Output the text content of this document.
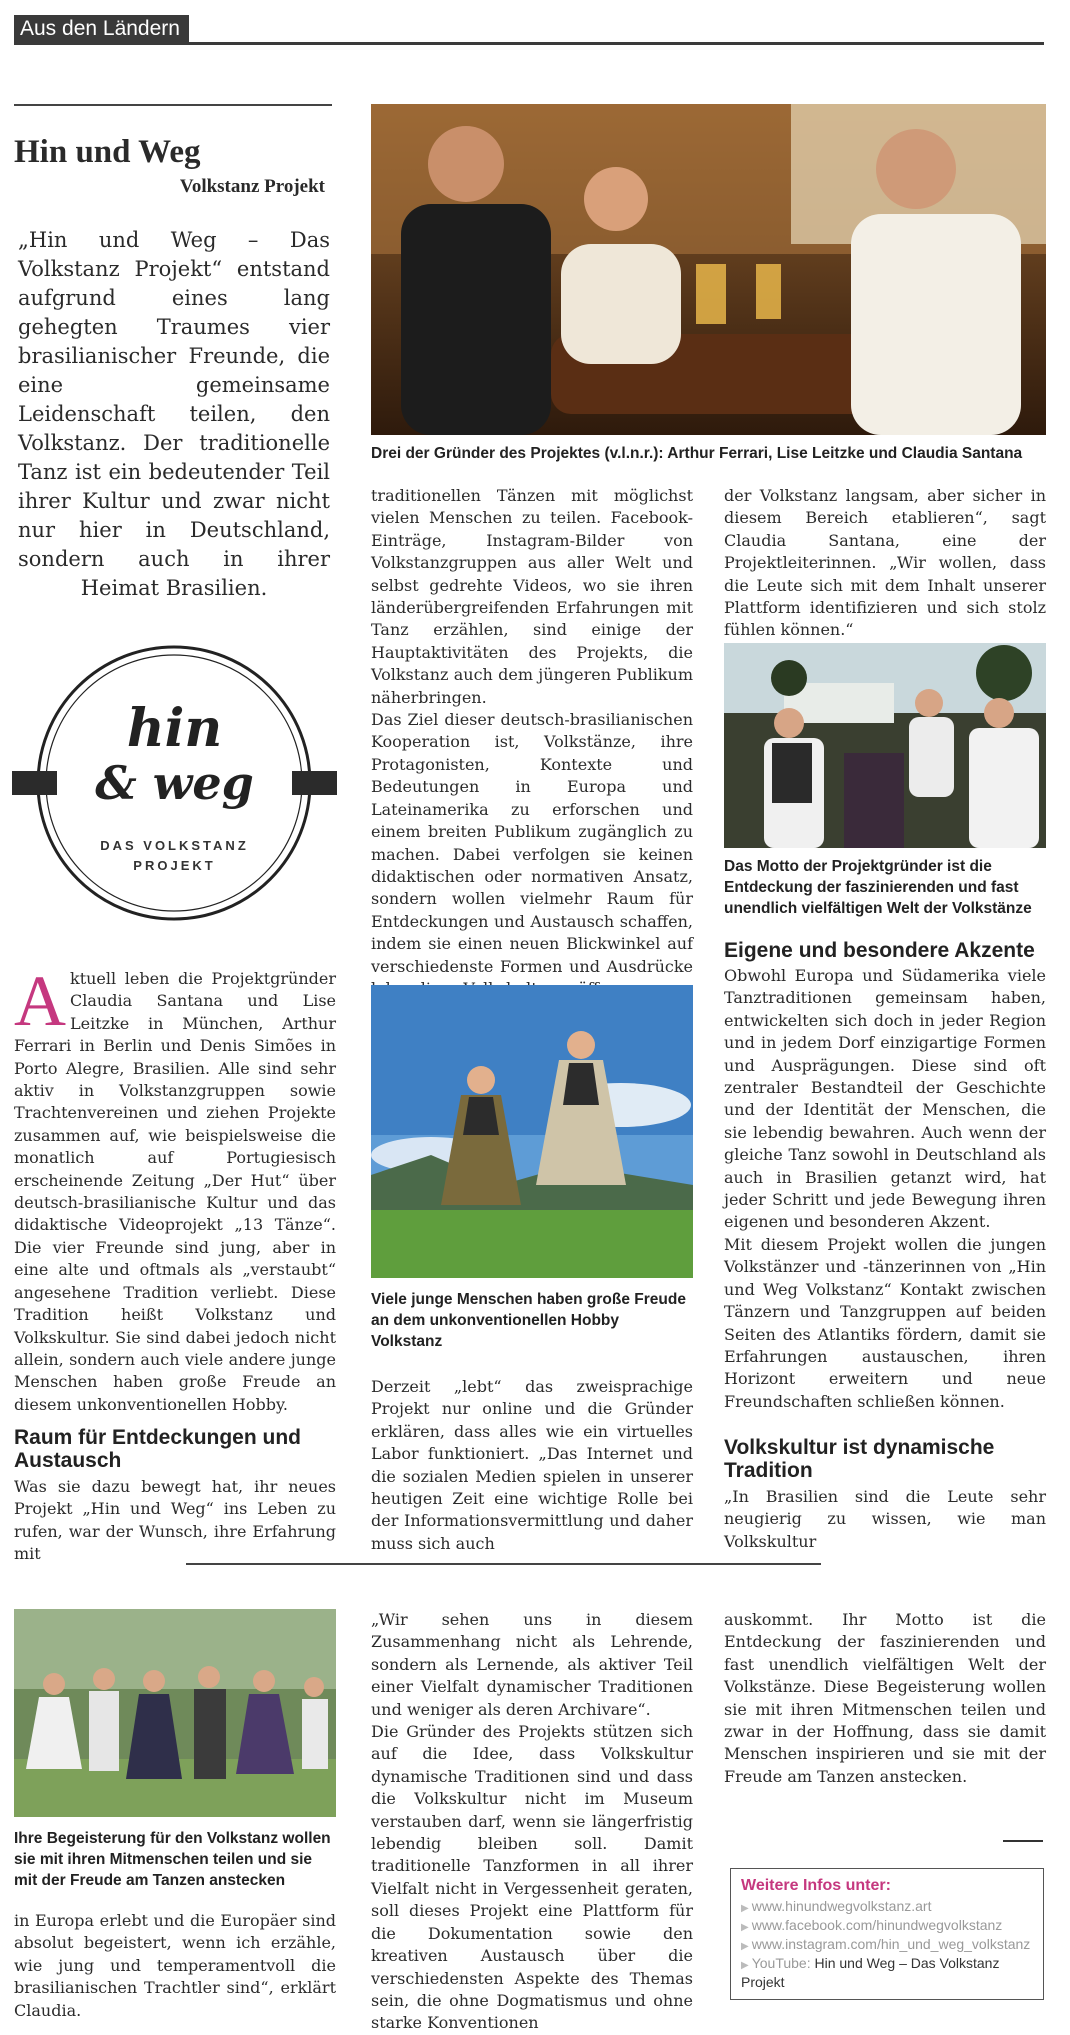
Aus den Ländern
Hin und Weg
Volkstanz Projekt
„Hin und Weg – Das Volkstanz Projekt“ entstand aufgrund eines lang gehegten Traumes vier brasilianischer Freunde, die eine gemeinsame Leidenschaft teilen, den Volkstanz. Der traditionelle Tanz ist ein bedeutender Teil ihrer Kultur und zwar nicht nur hier in Deutschland, sondern auch in ihrer Heimat Brasilien.
hin
& weg
DAS VOLKSTANZ
PROJEKT

Aktuell leben die Projektgründer Claudia Santana und Lise Leitzke in München, Arthur Ferrari in Berlin und Denis Simões in Porto Alegre, Brasilien. Alle sind sehr aktiv in Volkstanzgruppen sowie Trachtenvereinen und ziehen Projekte zusammen auf, wie beispielsweise die monatlich auf Portugiesisch erscheinende Zeitung „Der Hut“ über deutsch-brasilianische Kultur und das didaktische Videoprojekt „13 Tänze“. Die vier Freunde sind jung, aber in eine alte und oftmals als „verstaubt“ angesehene Tradition verliebt. Diese Tradition heißt Volkstanz und Volkskultur. Sie sind dabei jedoch nicht allein, sondern auch viele andere junge Menschen haben große Freude an diesem unkonventionellen Hobby.

Raum für Entdeckungen und Austausch
Was sie dazu bewegt hat, ihr neues Projekt „Hin und Weg“ ins Leben zu rufen, war der Wunsch, ihre Erfahrung mit
Drei der Gründer des Projektes (v.l.n.r.): Arthur Ferrari, Lise Leitzke und Claudia Santana

traditionellen Tänzen mit möglichst vielen Menschen zu teilen. Facebook-Einträge, Instagram-Bilder von Volkstanzgruppen aus aller Welt und selbst gedrehte Videos, wo sie ihren länderübergreifenden Erfahrungen mit Tanz erzählen, sind einige der Hauptaktivitäten des Projekts, die Volkstanz auch dem jüngeren Publikum näherbringen.

Das Ziel dieser deutsch-brasilianischen Kooperation ist, Volkstänze, ihre Protagonisten, Kontexte und Bedeutungen in Europa und Lateinamerika zu erforschen und einem breiten Publikum zugänglich zu machen. Dabei verfolgen sie keinen didaktischen oder normativen Ansatz, sondern wollen vielmehr Raum für Entdeckungen und Austausch schaffen, indem sie einen neuen Blickwinkel auf verschiedenste Formen und Ausdrücke

Viele junge Menschen haben große Freude an dem unkonventionellen Hobby Volkstanz
Derzeit „lebt“ das zweisprachige Projekt nur online und die Gründer erklären, dass alles wie ein virtuelles Labor funktioniert. „Das Internet und die sozialen Medien spielen in unserer heutigen Zeit eine wichtige Rolle bei der Informationsvermittlung und daher muss sich auch
der Volkstanz langsam, aber sicher in diesem Bereich etablieren“, sagt Claudia Santana, eine der Projektleiterinnen. „Wir wollen, dass die Leute sich mit dem Inhalt unserer Plattform identifizieren und sich stolz fühlen können.“
Das Motto der Projektgründer ist die Entdeckung der faszinierenden und fast unendlich vielfältigen Welt der Volkstänze
Eigene und besondere Akzente

Obwohl Europa und Südamerika viele Tanztraditionen gemeinsam haben, entwickelten sich doch in jeder Region und in jedem Dorf einzigartige Formen und Ausprägungen. Diese sind oft zentraler Bestandteil der Geschichte und der Identität der Menschen, die sie lebendig bewahren. Auch wenn der gleiche Tanz sowohl in Deutschland als auch in Brasilien getanzt wird, hat jeder Schritt und jede Bewegung ihren eigenen und besonderen Akzent.

Mit diesem Projekt wollen die jungen Volkstänzer und -tänzerinnen von „Hin und Weg Volkstanz“ Kontakt zwischen Tänzern und Tanzgruppen auf beiden Seiten des Atlantiks fördern, damit sie Erfahrungen austauschen, ihren Horizont erweitern und neue Freundschaften schließen können.

Volkskultur ist dynamische Tradition
„In Brasilien sind die Leute sehr neugierig zu wissen, wie man Volkskultur
Ihre Begeisterung für den Volkstanz wollen sie mit ihren Mitmenschen teilen und sie mit der Freude am Tanzen anstecken
in Europa erlebt und die Europäer sind absolut begeistert, wenn ich erzähle, wie jung und temperamentvoll die brasilianischen Trachtler sind“, erklärt Claudia.

„Wir sehen uns in diesem Zusammenhang nicht als Lehrende, sondern als Lernende, als aktiver Teil einer Vielfalt dynamischer Traditionen und weniger als deren Archivare“.

Die Gründer des Projekts stützen sich auf die Idee, dass Volkskultur dynamische Traditionen sind und dass die Volkskultur nicht im Museum verstauben darf, wenn sie längerfristig lebendig bleiben soll. Damit traditionelle Tanzformen in all ihrer Vielfalt nicht in Vergessenheit geraten, soll dieses Projekt eine Plattform für die Dokumentation sowie den kreativen Austausch über die verschiedensten Aspekte des Themas sein, die ohne Dogmatismus und ohne starke Konventionen

auskommt. Ihr Motto ist die Entdeckung der faszinierenden und fast unendlich vielfältigen Welt der Volkstänze. Diese Begeisterung wollen sie mit ihren Mitmenschen teilen und zwar in der Hoffnung, dass sie damit Menschen inspirieren und sie mit der Freude am Tanzen anstecken.
Weitere Infos unter:
▶ www.hinundwegvolkstanz.art
▶ www.facebook.com/hinundwegvolkstanz
▶ www.instagram.com/hin_und_weg_volkstanz
▶ YouTube: Hin und Weg – Das Volkstanz Projekt
